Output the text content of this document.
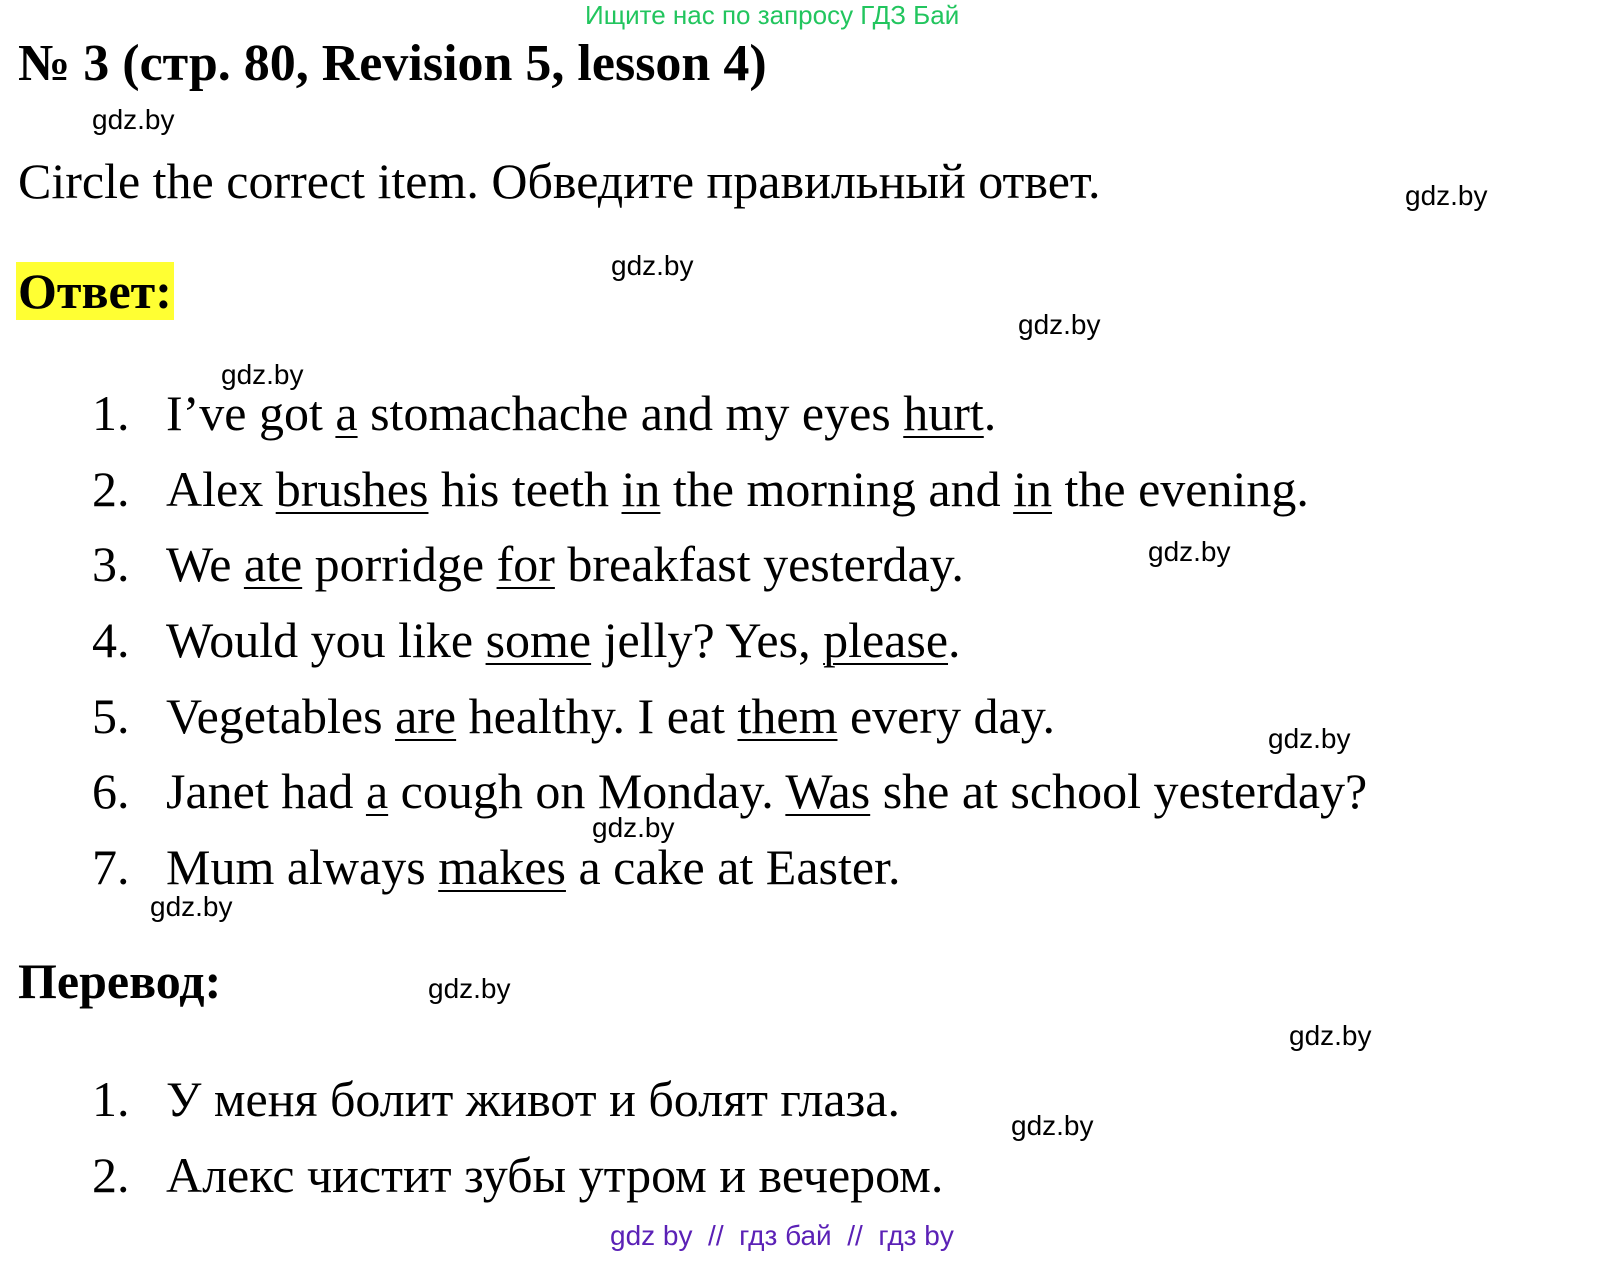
Ищите нас по запросу ГДЗ Бай
№ 3 (стр. 80, Revision 5, lesson 4)
Circle the correct item. Обведите правильный ответ.
Ответ:
1. I’ve got a stomachache and my eyes hurt.
2. Alex brushes his teeth in the morning and in the evening.
3. We ate porridge for breakfast yesterday.
4. Would you like some jelly? Yes, please.
5. Vegetables are healthy. I eat them every day.
6. Janet had a cough on Monday. Was she at school yesterday?
7. Mum always makes a cake at Easter.
Перевод:
1. У меня болит живот и болят глаза.
2. Алекс чистит зубы утром и вечером.
gdz.by
gdz.by
gdz.by
gdz.by
gdz.by
gdz.by
gdz.by
gdz.by
gdz.by
gdz.by
gdz.by
gdz.by
gdz by  //  гдз бай  //  гдз by
